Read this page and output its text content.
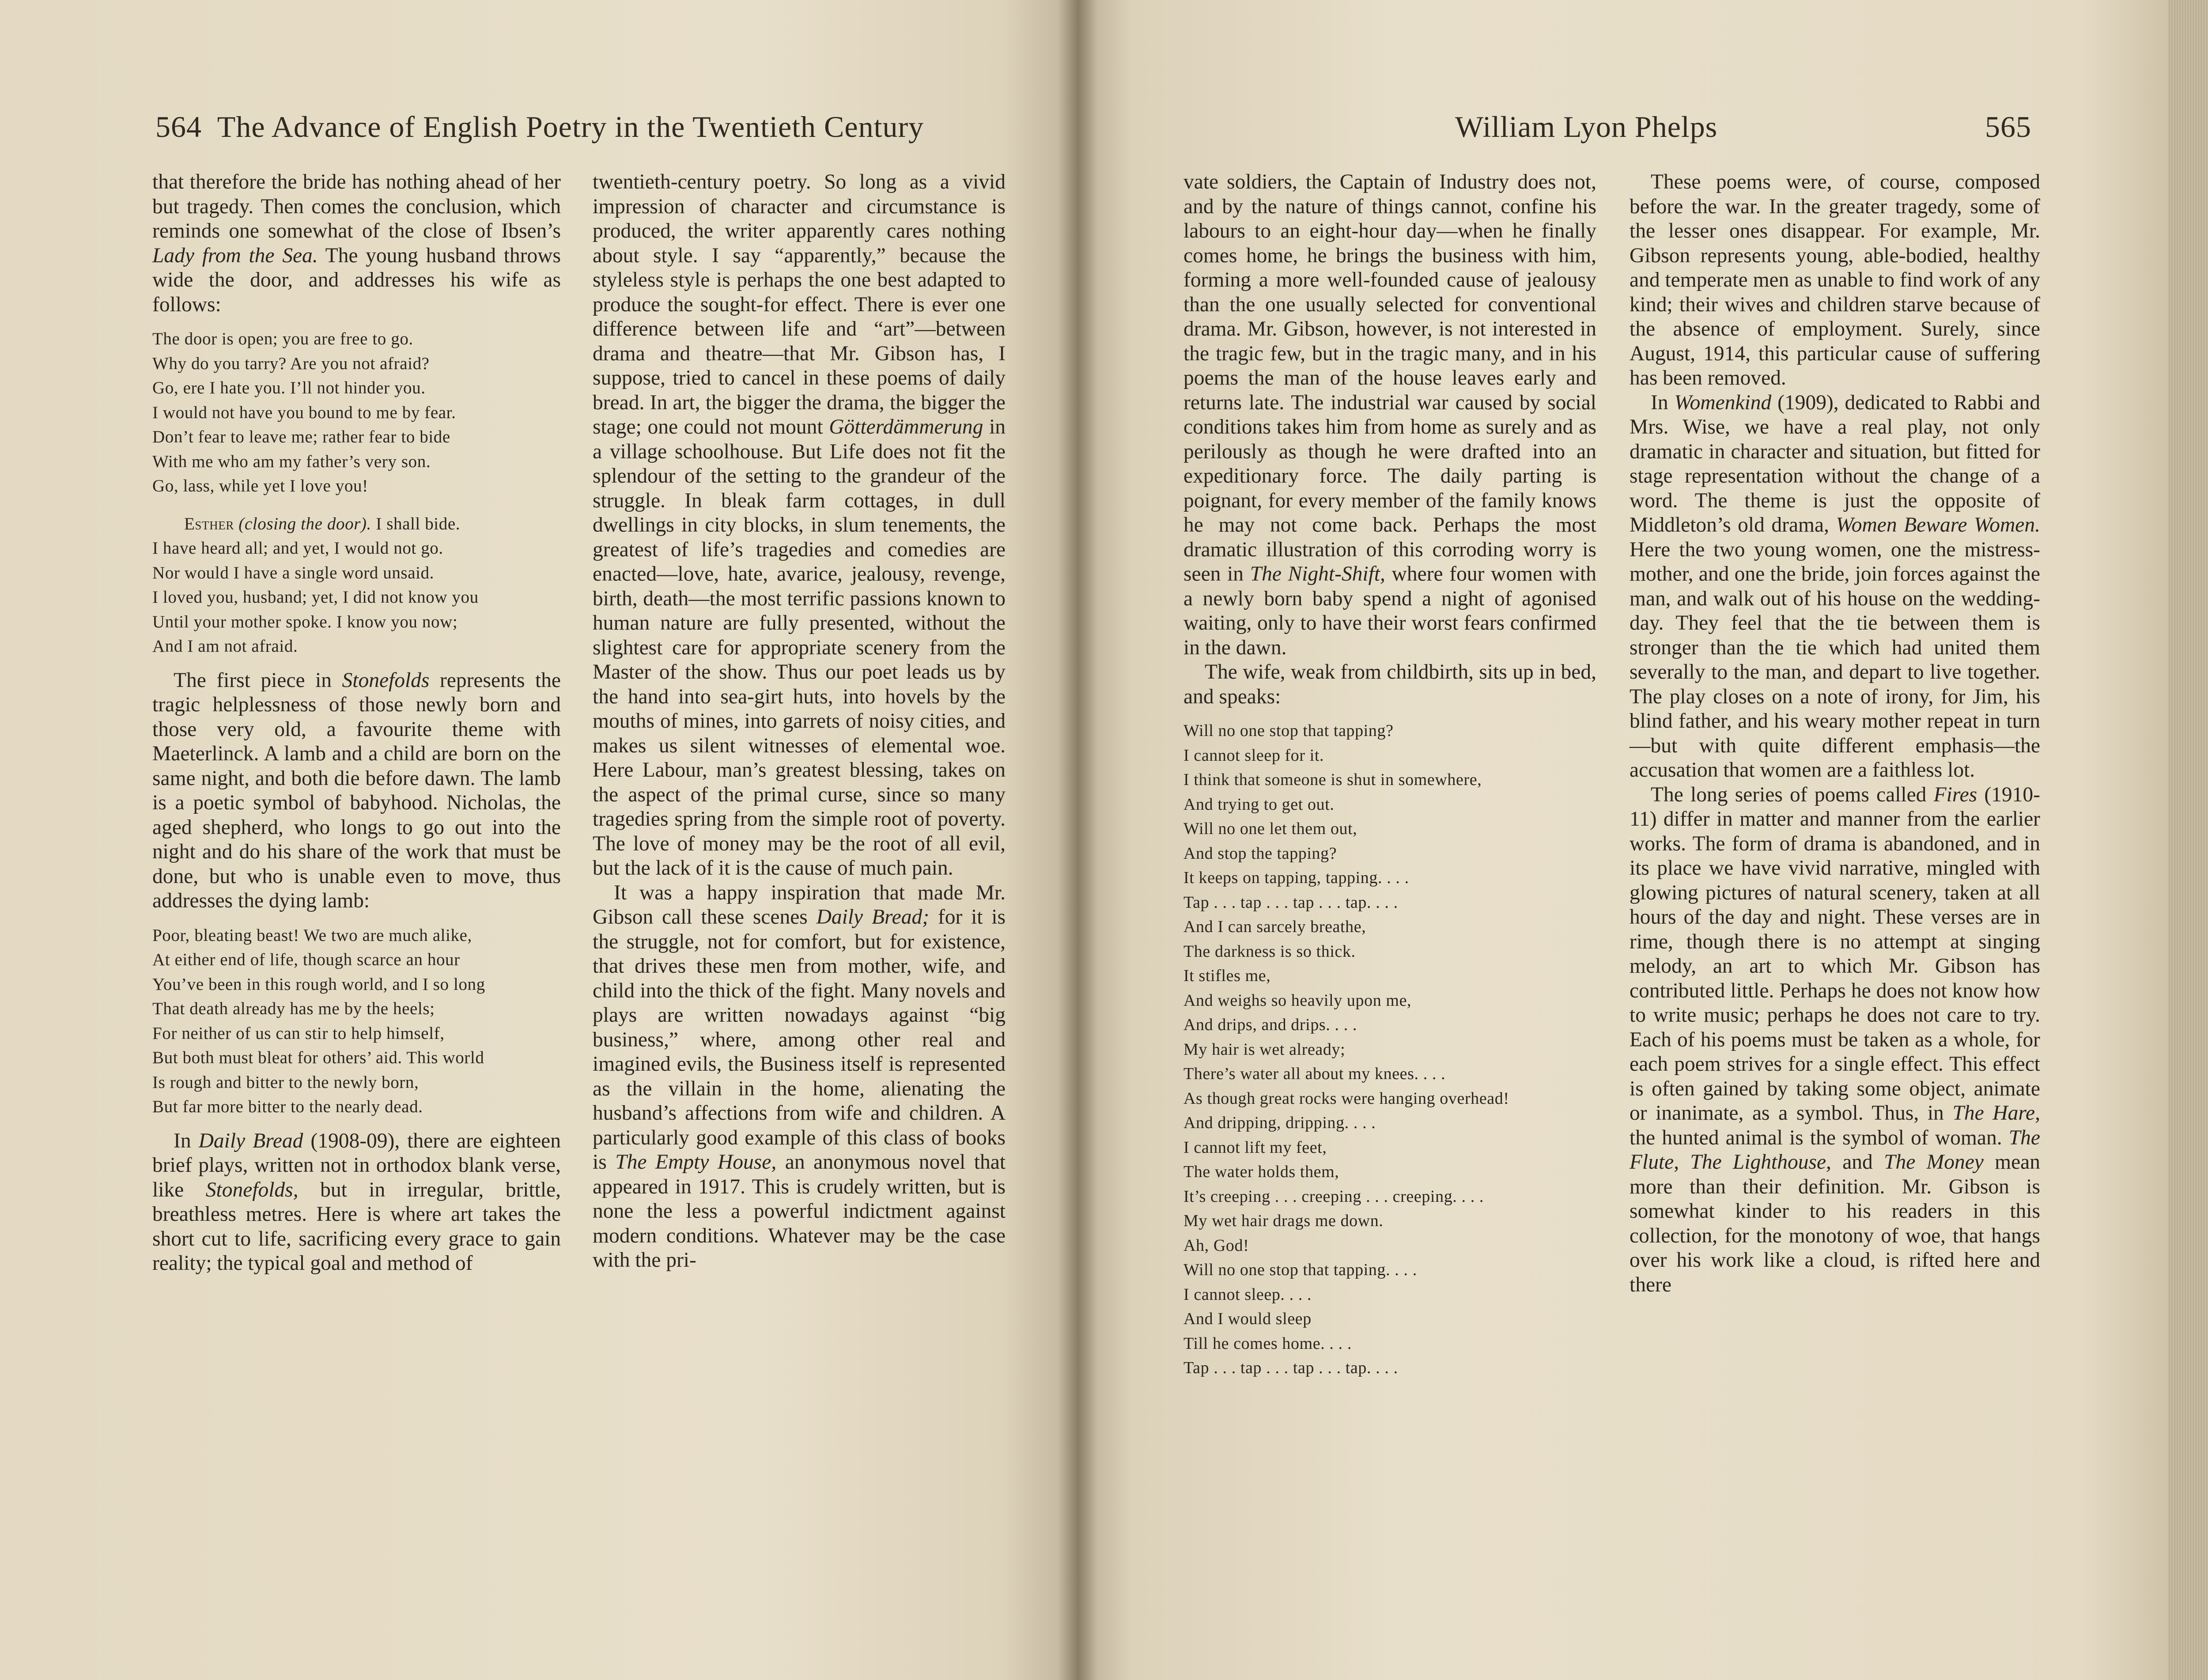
564 The Advance of English Poetry in the Twentieth Century

that therefore the bride has nothing ahead of her but tragedy. Then comes the conclusion, which reminds one somewhat of the close of Ibsen’s Lady from the Sea. The young husband throws wide the door, and addresses his wife as follows:

The door is open; you are free to go.
Why do you tarry? Are you not afraid?
Go, ere I hate you. I’ll not hinder you.
I would not have you bound to me by fear.
Don’t fear to leave me; rather fear to bide
With me who am my father’s very son.
Go, lass, while yet I love you!
Esther (closing the door). I shall bide.
I have heard all; and yet, I would not go.
Nor would I have a single word unsaid.
I loved you, husband; yet, I did not know you
Until your mother spoke. I know you now;
And I am not afraid.

The first piece in Stonefolds represents the tragic helplessness of those newly born and those very old, a favourite theme with Maeterlinck. A lamb and a child are born on the same night, and both die before dawn. The lamb is a poetic symbol of babyhood. Nicholas, the aged shepherd, who longs to go out into the night and do his share of the work that must be done, but who is unable even to move, thus addresses the dying lamb:

Poor, bleating beast! We two are much alike,
At either end of life, though scarce an hour
You’ve been in this rough world, and I so long
That death already has me by the heels;
For neither of us can stir to help himself,
But both must bleat for others’ aid. This world
Is rough and bitter to the newly born,
But far more bitter to the nearly dead.

In Daily Bread (1908-09), there are eighteen brief plays, written not in orthodox blank verse, like Stonefolds, but in irregular, brittle, breathless metres. Here is where art takes the short cut to life, sacrificing every grace to gain reality; the typical goal and method of

twentieth-century poetry. So long as a vivid impression of character and circumstance is produced, the writer apparently cares nothing about style. I say “apparently,” because the styleless style is perhaps the one best adapted to produce the sought-for effect. There is ever one difference between life and “art”—between drama and theatre—that Mr. Gibson has, I suppose, tried to cancel in these poems of daily bread. In art, the bigger the drama, the bigger the stage; one could not mount Götterdämmerung in a village schoolhouse. But Life does not fit the splendour of the setting to the grandeur of the struggle. In bleak farm cottages, in dull dwellings in city blocks, in slum tenements, the greatest of life’s tragedies and comedies are enacted—love, hate, avarice, jealousy, revenge, birth, death—the most terrific passions known to human nature are fully presented, without the slightest care for appropriate scenery from the Master of the show. Thus our poet leads us by the hand into sea-girt huts, into hovels by the mouths of mines, into garrets of noisy cities, and makes us silent witnesses of elemental woe. Here Labour, man’s greatest blessing, takes on the aspect of the primal curse, since so many tragedies spring from the simple root of poverty. The love of money may be the root of all evil, but the lack of it is the cause of much pain.

It was a happy inspiration that made Mr. Gibson call these scenes Daily Bread; for it is the struggle, not for comfort, but for existence, that drives these men from mother, wife, and child into the thick of the fight. Many novels and plays are written nowadays against “big business,” where, among other real and imagined evils, the Business itself is represented as the villain in the home, alienating the husband’s affections from wife and children. A particularly good example of this class of books is The Empty House, an anonymous novel that appeared in 1917. This is crudely written, but is none the less a powerful indictment against modern conditions. Whatever may be the case with the pri-

William Lyon Phelps	565

vate soldiers, the Captain of Industry does not, and by the nature of things cannot, confine his labours to an eight-hour day—when he finally comes home, he brings the business with him, forming a more well-founded cause of jealousy than the one usually selected for conventional drama. Mr. Gibson, however, is not interested in the tragic few, but in the tragic many, and in his poems the man of the house leaves early and returns late. The industrial war caused by social conditions takes him from home as surely and as perilously as though he were drafted into an expeditionary force. The daily parting is poignant, for every member of the family knows he may not come back. Perhaps the most dramatic illustration of this corroding worry is seen in The Night-Shift, where four women with a newly born baby spend a night of agonised waiting, only to have their worst fears confirmed in the dawn.

The wife, weak from childbirth, sits up in bed, and speaks:

Will no one stop that tapping?
I cannot sleep for it.
I think that someone is shut in somewhere,
And trying to get out.
Will no one let them out,
And stop the tapping?
It keeps on tapping, tapping. . . .
Tap . . . tap . . . tap . . . tap. . . .
And I can sarcely breathe,
The darkness is so thick.
It stifles me,
And weighs so heavily upon me,
And drips, and drips. . . .
My hair is wet already;
There’s water all about my knees. . . .
As though great rocks were hanging overhead!
And dripping, dripping. . . .
I cannot lift my feet,
The water holds them,
It’s creeping . . . creeping . . . creeping. . . .
My wet hair drags me down.
Ah, God!
Will no one stop that tapping. . . .
I cannot sleep. . . .
And I would sleep
Till he comes home. . . .
Tap . . . tap . . . tap . . . tap. . . .

These poems were, of course, composed before the war. In the greater tragedy, some of the lesser ones disappear. For example, Mr. Gibson represents young, able-bodied, healthy and temperate men as unable to find work of any kind; their wives and children starve because of the absence of employment. Surely, since August, 1914, this particular cause of suffering has been removed.

In Womenkind (1909), dedicated to Rabbi and Mrs. Wise, we have a real play, not only dramatic in character and situation, but fitted for stage representation without the change of a word. The theme is just the opposite of Middleton’s old drama, Women Beware Women. Here the two young women, one the mistress-mother, and one the bride, join forces against the man, and walk out of his house on the wedding-day. They feel that the tie between them is stronger than the tie which had united them severally to the man, and depart to live together. The play closes on a note of irony, for Jim, his blind father, and his weary mother repeat in turn—but with quite different emphasis—the accusation that women are a faithless lot.

The long series of poems called Fires (1910-11) differ in matter and manner from the earlier works. The form of drama is abandoned, and in its place we have vivid narrative, mingled with glowing pictures of natural scenery, taken at all hours of the day and night. These verses are in rime, though there is no attempt at singing melody, an art to which Mr. Gibson has contributed little. Perhaps he does not know how to write music; perhaps he does not care to try. Each of his poems must be taken as a whole, for each poem strives for a single effect. This effect is often gained by taking some object, animate or inanimate, as a symbol. Thus, in The Hare, the hunted animal is the symbol of woman. The Flute, The Lighthouse, and The Money mean more than their definition. Mr. Gibson is somewhat kinder to his readers in this collection, for the monotony of woe, that hangs over his work like a cloud, is rifted here and there
